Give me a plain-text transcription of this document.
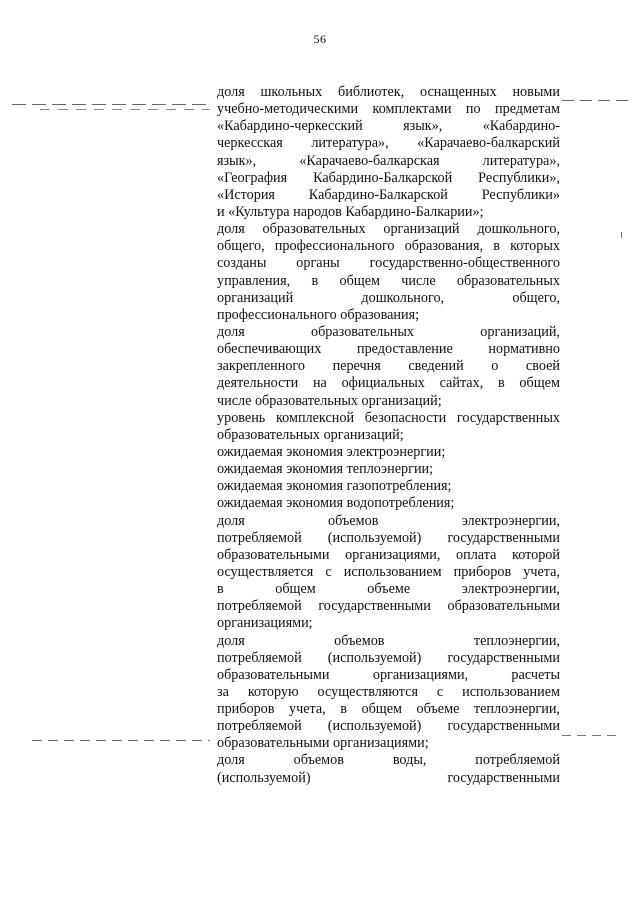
56
доля школьных библиотек, оснащенных новыми
учебно-методическими комплектами по предметам
«Кабардино-черкесский	язык»,	«Кабардино-
черкесская литература», «Карачаево-балкарский
язык»,	«Карачаево-балкарская	литература»,
«География Кабардино-Балкарской Республики»,
«История Кабардино-Балкарской Республики»
и «Культура народов Кабардино-Балкарии»;
доля образовательных организаций дошкольного,
общего, профессионального образования, в которых
созданы органы государственно-общественного
управления, в общем числе образовательных
организаций	дошкольного,	общего,
профессионального образования;
доля	образовательных	организаций,
обеспечивающих	предоставление	нормативно
закрепленного перечня сведений о своей
деятельности на официальных сайтах, в общем
числе образовательных организаций;
уровень комплексной безопасности государственных
образовательных организаций;
ожидаемая экономия электроэнергии;
ожидаемая экономия теплоэнергии;
ожидаемая экономия газопотребления;
ожидаемая экономия водопотребления;
доля	объемов	электроэнергии,
потребляемой (используемой) государственными
образовательными организациями, оплата которой
осуществляется с использованием приборов учета,
в	общем	объеме	электроэнергии,
потребляемой государственными образовательными
организациями;
доля	объемов	теплоэнергии,
потребляемой (используемой) государственными
образовательными	организациями,	расчеты
за которую осуществляются с использованием
приборов учета, в общем объеме теплоэнергии,
потребляемой (используемой) государственными
образовательными организациями;
доля	объемов	воды,	потребляемой
(используемой)	государственными
